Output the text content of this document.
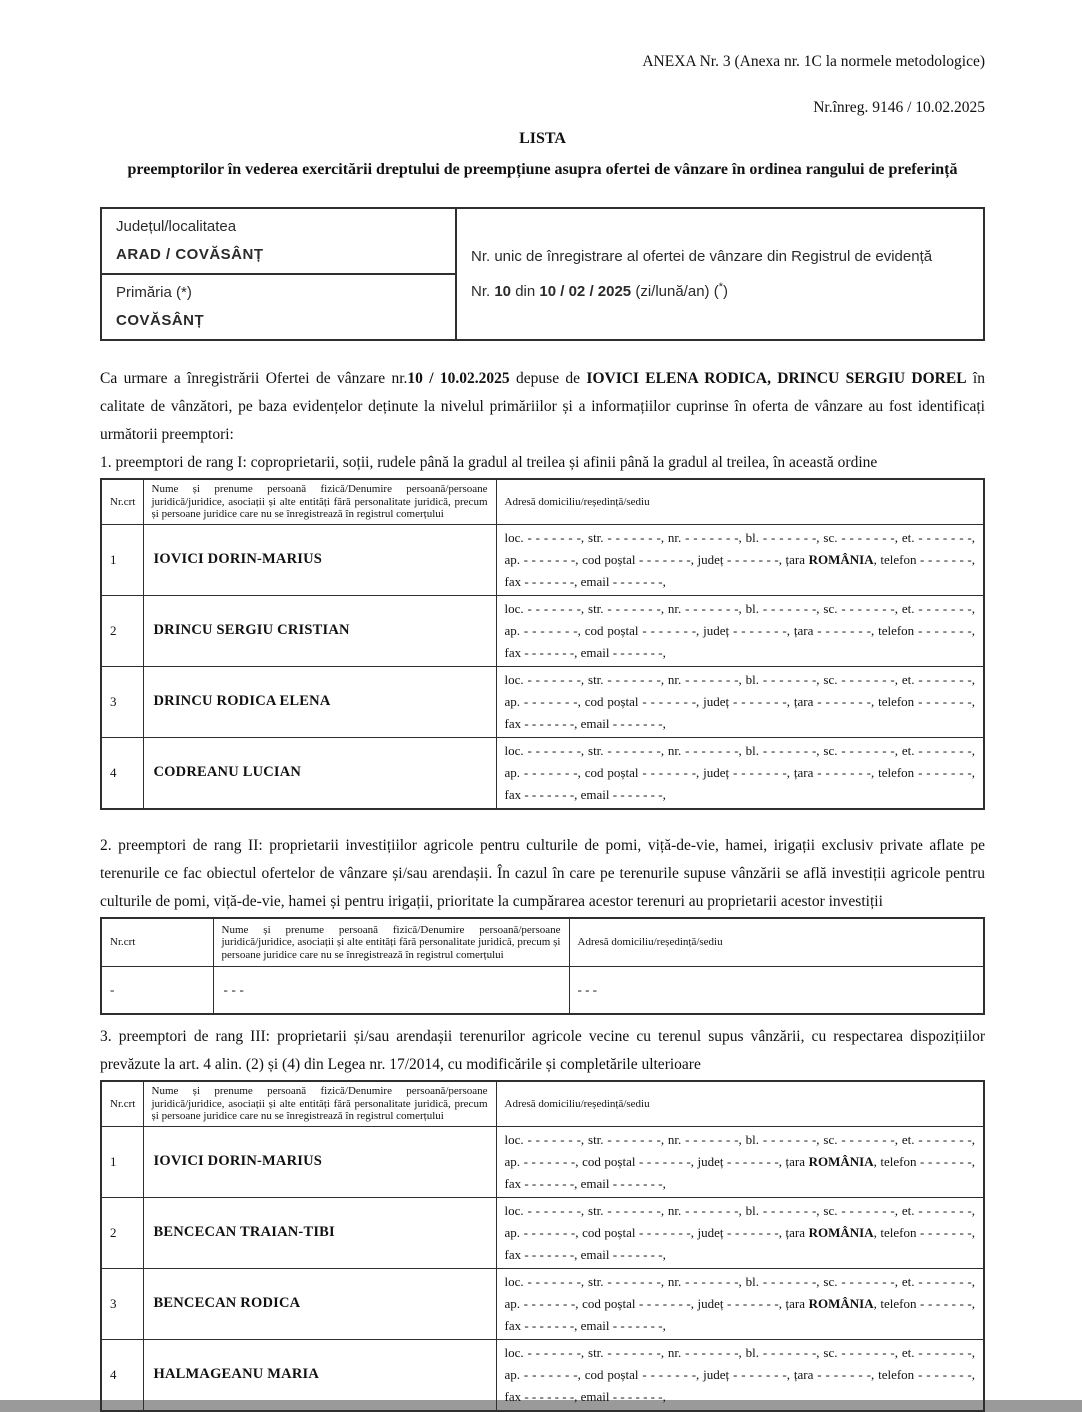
ANEXA Nr. 3 (Anexa nr. 1C la normele metodologice)
Nr.înreg. 9146 / 10.02.2025
LISTA
preemptorilor în vederea exercitării dreptului de preempțiune asupra ofertei de vânzare în ordinea rangului de preferință
Județul/localitatea
ARAD / COVĂSÂNȚ	Nr. unic de înregistrare al ofertei de vânzare din Registrul de evidență
Nr. 10 din 10 / 02 / 2025 (zi/lună/an) (*)

Primăria (*)
COVĂSÂNȚ

Ca urmare a înregistrării Ofertei de vânzare nr.10 / 10.02.2025 depuse de IOVICI ELENA RODICA, DRINCU SERGIU DOREL în calitate de vânzători, pe baza evidențelor deținute la nivelul primăriilor și a informațiilor cuprinse în oferta de vânzare au fost identificați următorii preemptori:

1. preemptori de rang I: coproprietarii, soții, rudele până la gradul al treilea și afinii până la gradul al treilea, în această ordine

Nr.crt	Nume și prenume persoană fizică/Denumire persoană/persoane juridică/juridice, asociații și alte entități fără personalitate juridică, precum și persoane juridice care nu se înregistrează în registrul comerțului	Adresă domiciliu/reședință/sediu
1	IOVICI DORIN-MARIUS	loc. - - - - - - -, str. - - - - - - -, nr. - - - - - - -, bl. - - - - - - -, sc. - - - - - - -, et. - - - - - - -,
ap. - - - - - - -, cod poștal - - - - - - -, județ - - - - - - -, țara ROMÂNIA, telefon - - - - - - -,
fax - - - - - - -, email - - - - - - -,

2	DRINCU SERGIU CRISTIAN	loc. - - - - - - -, str. - - - - - - -, nr. - - - - - - -, bl. - - - - - - -, sc. - - - - - - -, et. - - - - - - -,
ap. - - - - - - -, cod poștal - - - - - - -, județ - - - - - - -, țara - - - - - - -, telefon - - - - - - -,
fax - - - - - - -, email - - - - - - -,

3	DRINCU RODICA ELENA	loc. - - - - - - -, str. - - - - - - -, nr. - - - - - - -, bl. - - - - - - -, sc. - - - - - - -, et. - - - - - - -,
ap. - - - - - - -, cod poștal - - - - - - -, județ - - - - - - -, țara - - - - - - -, telefon - - - - - - -,
fax - - - - - - -, email - - - - - - -,

4	CODREANU LUCIAN	loc. - - - - - - -, str. - - - - - - -, nr. - - - - - - -, bl. - - - - - - -, sc. - - - - - - -, et. - - - - - - -,
ap. - - - - - - -, cod poștal - - - - - - -, județ - - - - - - -, țara - - - - - - -, telefon - - - - - - -,
fax - - - - - - -, email - - - - - - -,

2. preemptori de rang II: proprietarii investițiilor agricole pentru culturile de pomi, viță-de-vie, hamei, irigații exclusiv private aflate pe terenurile ce fac obiectul ofertelor de vânzare și/sau arendașii. În cazul în care pe terenurile supuse vânzării se află investiții agricole pentru culturile de pomi, viță-de-vie, hamei și pentru irigații, prioritate la cumpărarea acestor terenuri au proprietarii acestor investiții

Nr.crt	Nume și prenume persoană fizică/Denumire persoană/persoane juridică/juridice, asociații și alte entități fără personalitate juridică, precum și persoane juridice care nu se înregistrează în registrul comerțului	Adresă domiciliu/reședință/sediu
-	- - -	- - -

3. preemptori de rang III: proprietarii și/sau arendașii terenurilor agricole vecine cu terenul supus vânzării, cu respectarea dispozițiilor prevăzute la art. 4 alin. (2) și (4) din Legea nr. 17/2014, cu modificările și completările ulterioare

Nr.crt	Nume și prenume persoană fizică/Denumire persoană/persoane juridică/juridice, asociații și alte entități fără personalitate juridică, precum și persoane juridice care nu se înregistrează în registrul comerțului	Adresă domiciliu/reședință/sediu
1	IOVICI DORIN-MARIUS	loc. - - - - - - -, str. - - - - - - -, nr. - - - - - - -, bl. - - - - - - -, sc. - - - - - - -, et. - - - - - - -,
ap. - - - - - - -, cod poștal - - - - - - -, județ - - - - - - -, țara ROMÂNIA, telefon - - - - - - -,
fax - - - - - - -, email - - - - - - -,

2	BENCECAN TRAIAN-TIBI	loc. - - - - - - -, str. - - - - - - -, nr. - - - - - - -, bl. - - - - - - -, sc. - - - - - - -, et. - - - - - - -,
ap. - - - - - - -, cod poștal - - - - - - -, județ - - - - - - -, țara ROMÂNIA, telefon - - - - - - -,
fax - - - - - - -, email - - - - - - -,

3	BENCECAN RODICA	loc. - - - - - - -, str. - - - - - - -, nr. - - - - - - -, bl. - - - - - - -, sc. - - - - - - -, et. - - - - - - -,
ap. - - - - - - -, cod poștal - - - - - - -, județ - - - - - - -, țara ROMÂNIA, telefon - - - - - - -,
fax - - - - - - -, email - - - - - - -,

4	HALMAGEANU MARIA	loc. - - - - - - -, str. - - - - - - -, nr. - - - - - - -, bl. - - - - - - -, sc. - - - - - - -, et. - - - - - - -,
ap. - - - - - - -, cod poștal - - - - - - -, județ - - - - - - -, țara - - - - - - -, telefon - - - - - - -,
fax - - - - - - -, email - - - - - - -,
